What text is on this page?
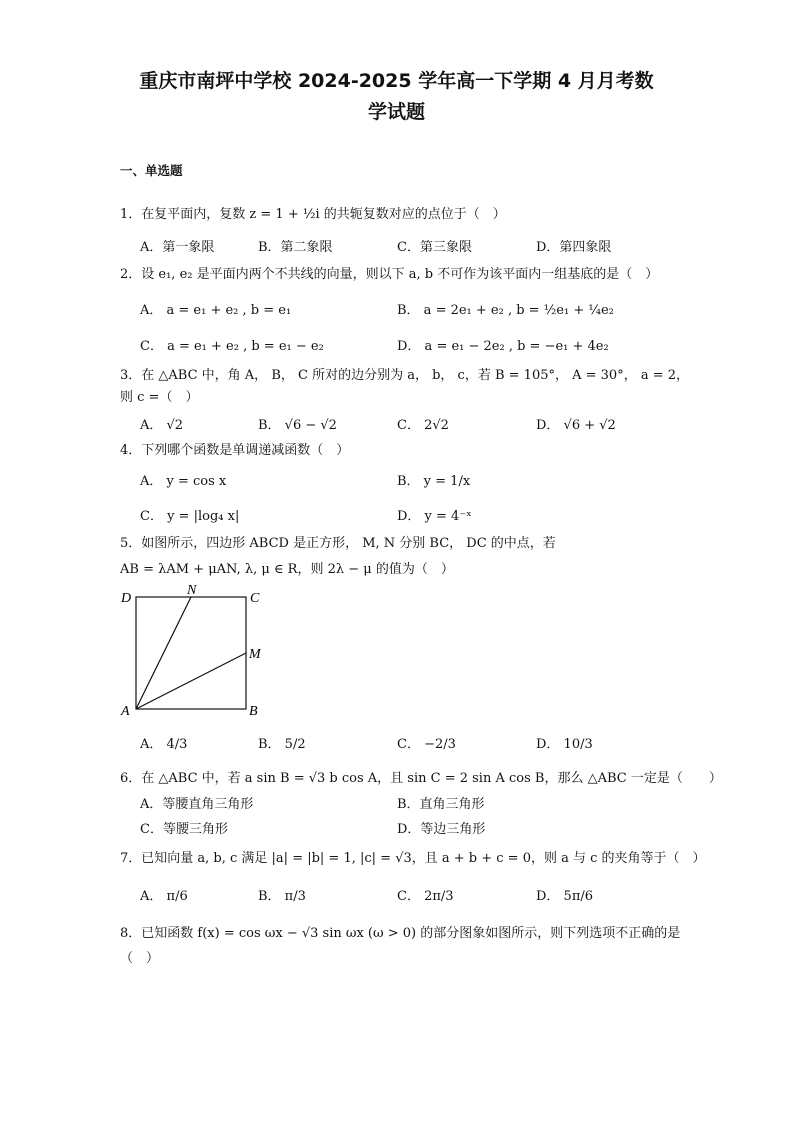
重庆市南坪中学校 2024-2025 学年高一下学期 4 月月考数
学试题
一、单选题
1．在复平面内，复数 z = 1 + ½i 的共轭复数对应的点位于（　）
A．第一象限	B．第二象限	C．第三象限	D．第四象限
2．设 e₁, e₂ 是平面内两个不共线的向量，则以下 a, b 不可作为该平面内一组基底的是（　）
A． a = e₁ + e₂ , b = e₁	B． a = 2e₁ + e₂ , b = ½e₁ + ¼e₂
C． a = e₁ + e₂ , b = e₁ − e₂	D． a = e₁ − 2e₂ , b = −e₁ + 4e₂
3．在 △ABC 中，角 A， B， C 所对的边分别为 a， b， c，若 B = 105°， A = 30°， a = 2，
则 c =（　）
A． √2	B． √6 − √2	C． 2√2	D． √6 + √2
4．下列哪个函数是单调递减函数（　）
A． y = cos x	B． y = 1/x
C． y = |log₄ x|	D． y = 4⁻ˣ
5．如图所示，四边形 ABCD 是正方形， M, N 分别 BC， DC 的中点，若
AB = λAM + μAN, λ, μ ∈ R，则 2λ − μ 的值为（　）
D
N
C
M
A	B
A． 4/3	B． 5/2	C． −2/3	D． 10/3
6．在 △ABC 中，若 a sin B = √3 b cos A，且 sin C = 2 sin A cos B，那么 △ABC 一定是（　　）
A．等腰直角三角形	B．直角三角形
C．等腰三角形	D．等边三角形
7．已知向量 a, b, c 满足 |a| = |b| = 1, |c| = √3，且 a + b + c = 0，则 a 与 c 的夹角等于（　）
A． π/6	B． π/3	C． 2π/3	D． 5π/6
8．已知函数 f(x) = cos ωx − √3 sin ωx (ω > 0) 的部分图象如图所示，则下列选项不正确的是
（　）
